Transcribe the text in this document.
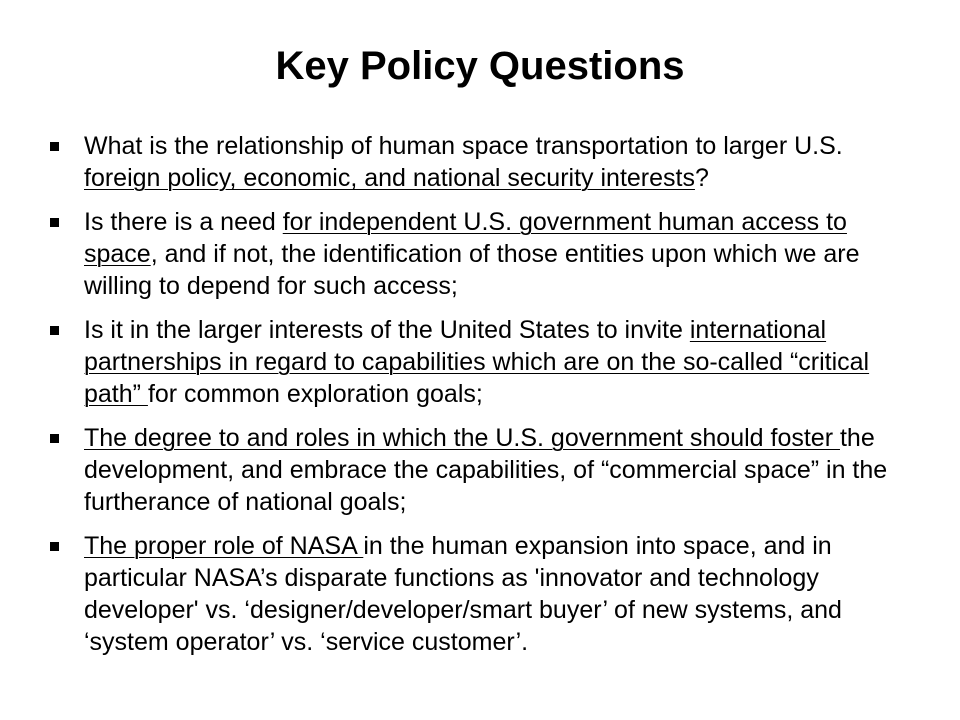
Key Policy Questions
What is the relationship of human space transportation to larger U.S. foreign policy, economic, and national security interests?
Is there is a need for independent U.S. government human access to space, and if not, the identification of those entities upon which we are willing to depend for such access;
Is it in the larger interests of the United States to invite international partnerships in regard to capabilities which are on the so-called “critical path” for common exploration goals;
The degree to and roles in which the U.S. government should foster the development, and embrace the capabilities, of “commercial space” in the furtherance of national goals;
The proper role of NASA in the human expansion into space, and in particular NASA’s disparate functions as 'innovator and technology developer' vs. ‘designer/developer/smart buyer’ of new systems, and ‘system operator’ vs. ‘service customer’.
